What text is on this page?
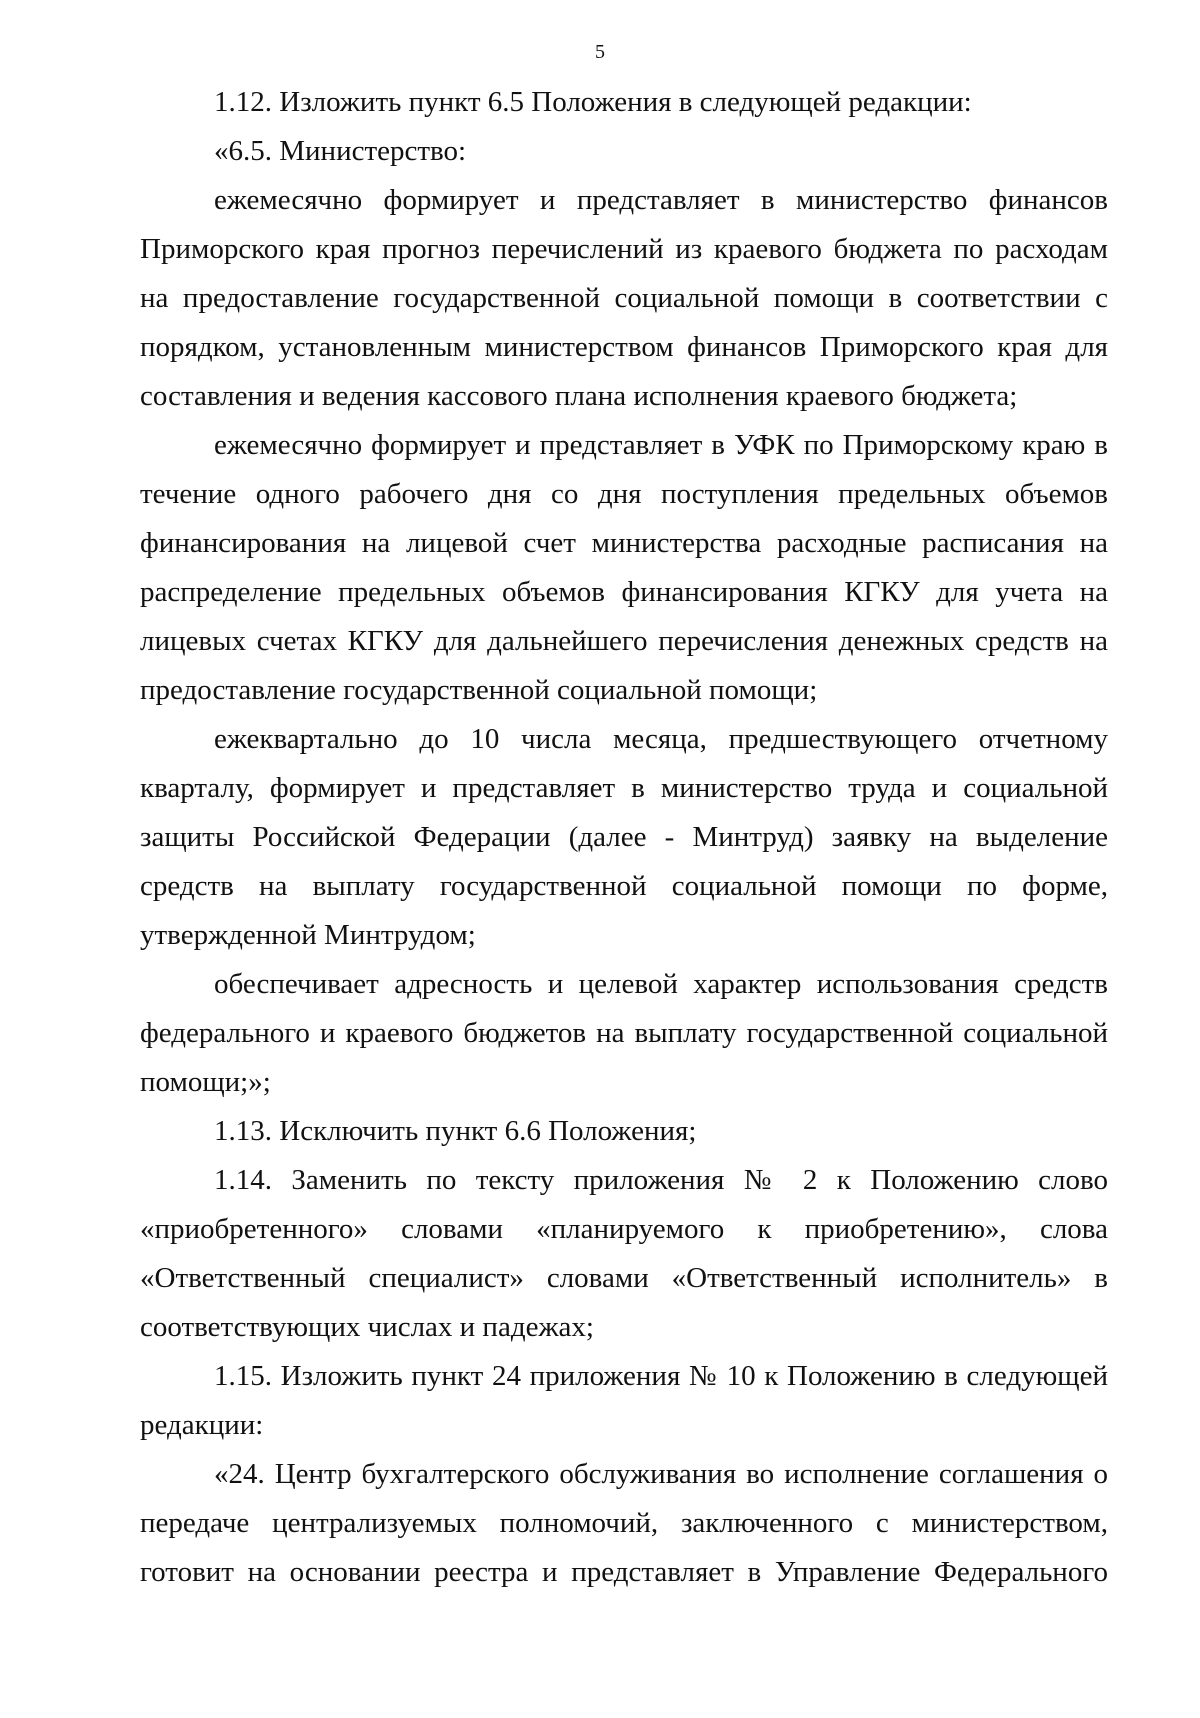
5

1.12. Изложить пункт 6.5 Положения в следующей редакции:

«6.5. Министерство:

ежемесячно формирует и представляет в министерство финансов Приморского края прогноз перечислений из краевого бюджета по расходам на предоставление государственной социальной помощи в соответствии с порядком, установленным министерством финансов Приморского края для составления и ведения кассового плана исполнения краевого бюджета;

ежемесячно формирует и представляет в УФК по Приморскому краю в течение одного рабочего дня со дня поступления предельных объемов финансирования на лицевой счет министерства расходные расписания на распределение предельных объемов финансирования КГКУ для учета на лицевых счетах КГКУ для дальнейшего перечисления денежных средств на предоставление государственной социальной помощи;

ежеквартально до 10 числа месяца, предшествующего отчетному кварталу, формирует и представляет в министерство труда и социальной защиты Российской Федерации (далее - Минтруд) заявку на выделение средств на выплату государственной социальной помощи по форме, утвержденной Минтрудом;

обеспечивает адресность и целевой характер использования средств федерального и краевого бюджетов на выплату государственной социальной помощи;»;

1.13. Исключить пункт 6.6 Положения;

1.14. Заменить по тексту приложения № 2 к Положению слово «приобретенного» словами «планируемого к приобретению», слова «Ответственный специалист» словами «Ответственный исполнитель» в соответствующих числах и падежах;

1.15. Изложить пункт 24 приложения № 10 к Положению в следующей редакции:

«24. Центр бухгалтерского обслуживания во исполнение соглашения о передаче централизуемых полномочий, заключенного с министерством, готовит на основании реестра и представляет в Управление Федерального
